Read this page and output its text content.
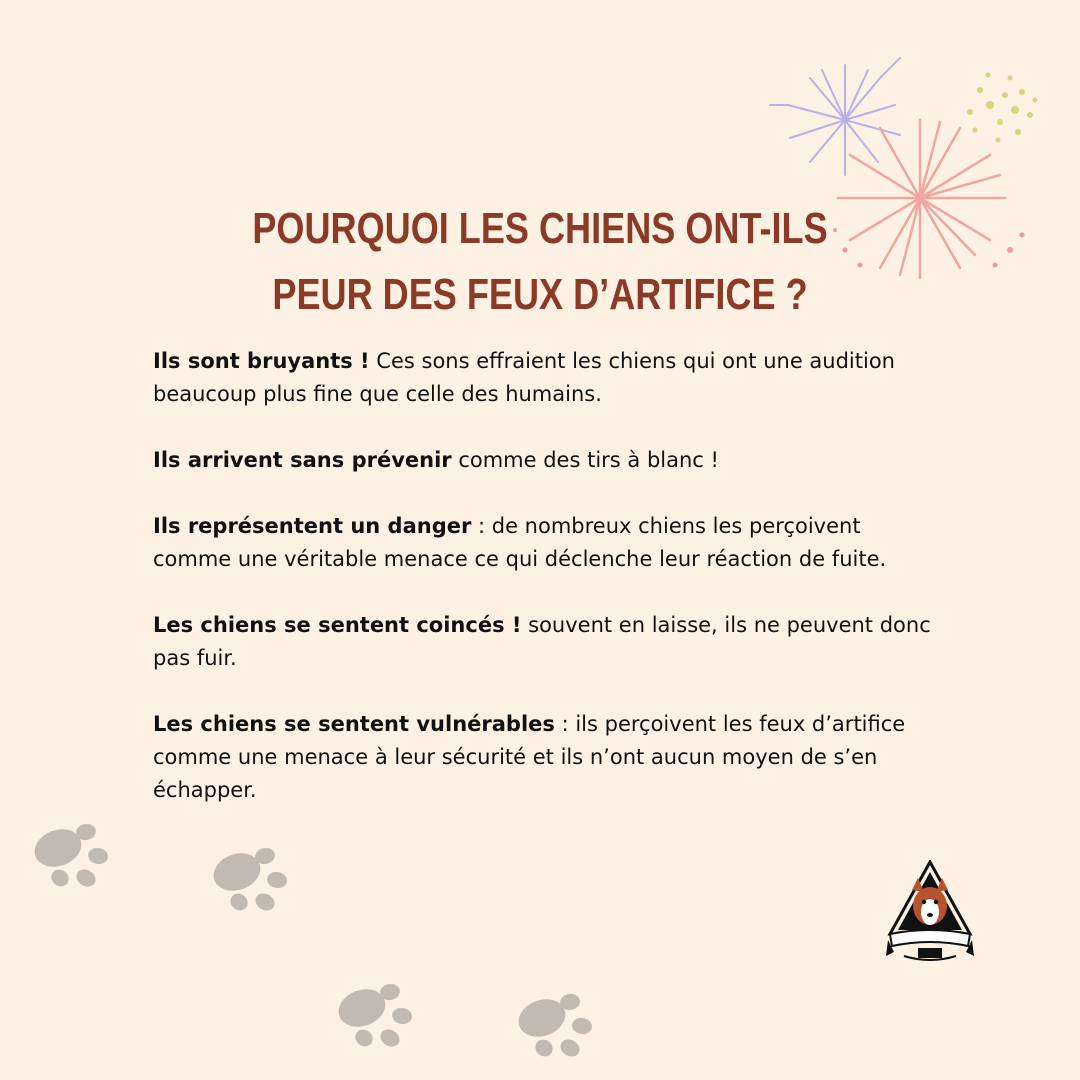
POURQUOI LES CHIENS ONT-ILS
PEUR DES FEUX D’ARTIFICE ?

Ils sont bruyants ! Ces sons effraient les chiens qui ont une audition beaucoup plus fine que celle des humains.

Ils arrivent sans prévenir comme des tirs à blanc !

Ils représentent un danger : de nombreux chiens les perçoivent comme une véritable menace ce qui déclenche leur réaction de fuite.

Les chiens se sentent coincés ! souvent en laisse, ils ne peuvent donc pas fuir.

Les chiens se sentent vulnérables : ils perçoivent les feux d’artifice comme une menace à leur sécurité et ils n’ont aucun moyen de s’en échapper.
